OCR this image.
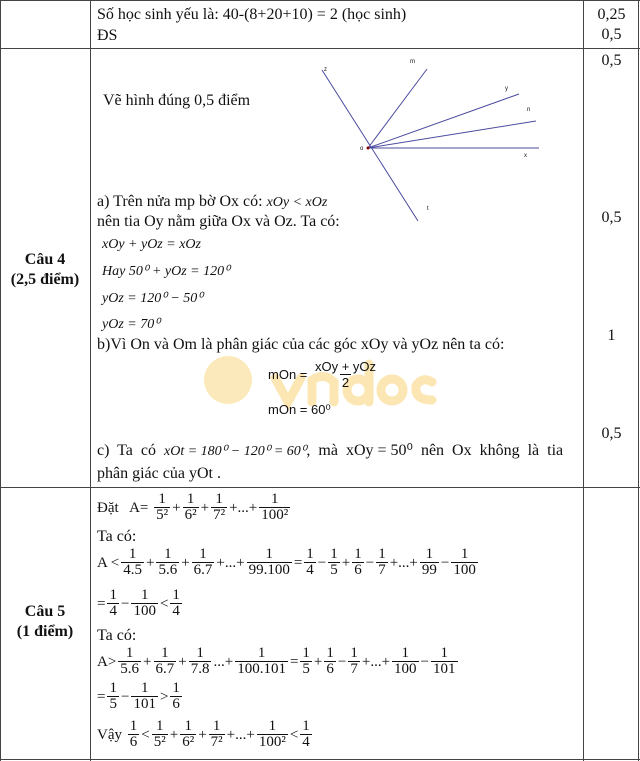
Số học sinh yếu là: 40-(8+20+10) = 2 (học sinh)
ĐS
0,25
0,5
Câu 4
(2,5 điểm)
Vẽ hình đúng 0,5 điểm
z
m
y
n
o
x
t
a) Trên nửa mp bờ Ox có: xOy < xOz
nên tia Oy nằm giữa Ox và Oz. Ta có:
xOy + yOz = xOz
Hay 50⁰ + yOz = 120⁰
yOz = 120⁰ − 50⁰
yOz = 70⁰
b)Vì On và Om là phân giác của các góc xOy và yOz nên ta có:
mOn = $\frac{\text{xOy + yOz}}{2}$
mOn = 60⁰
c)  Ta  có  xOt = 180⁰ − 120⁰ = 60⁰,  mà  xOy = 50⁰  nên  Ox  không  là  tia
phân giác của yOt .
0,5
0,5
1
0,5
Câu 5
(1 điểm)
Đặt   $A= \frac{1}{\text{5²}} + \frac{1}{\text{6²}} + \frac{1}{\text{7²}}$ +...+ $\frac{1}{\text{100²}}$
Ta có:
$A < \frac{1}{4.5} + \frac{1}{5.6} + \frac{1}{6.7}$ +...+ $\frac{1}{99.100} = \frac{1}{4} - \frac{1}{5} + \frac{1}{6} - \frac{1}{7}$ +...+ $\frac{1}{99} - \frac{1}{100}$
= $\frac{1}{4} - \frac{1}{100} < \frac{1}{4}$
Ta có:
$A> \frac{1}{5.6} + \frac{1}{6.7} + \frac{1}{7.8}$ ...+ $\frac{1}{100.101} = \frac{1}{5} + \frac{1}{6} - \frac{1}{7}$ +...+ $\frac{1}{100} - \frac{1}{101}$
= $\frac{1}{5} - \frac{1}{101} > \frac{1}{6}$
Vậy $\frac{1}{6} < \frac{1}{\text{5²}} + \frac{1}{\text{6²}} + \frac{1}{\text{7²}}$ +...+ $\frac{1}{\text{100²}} < \frac{1}{4}$
